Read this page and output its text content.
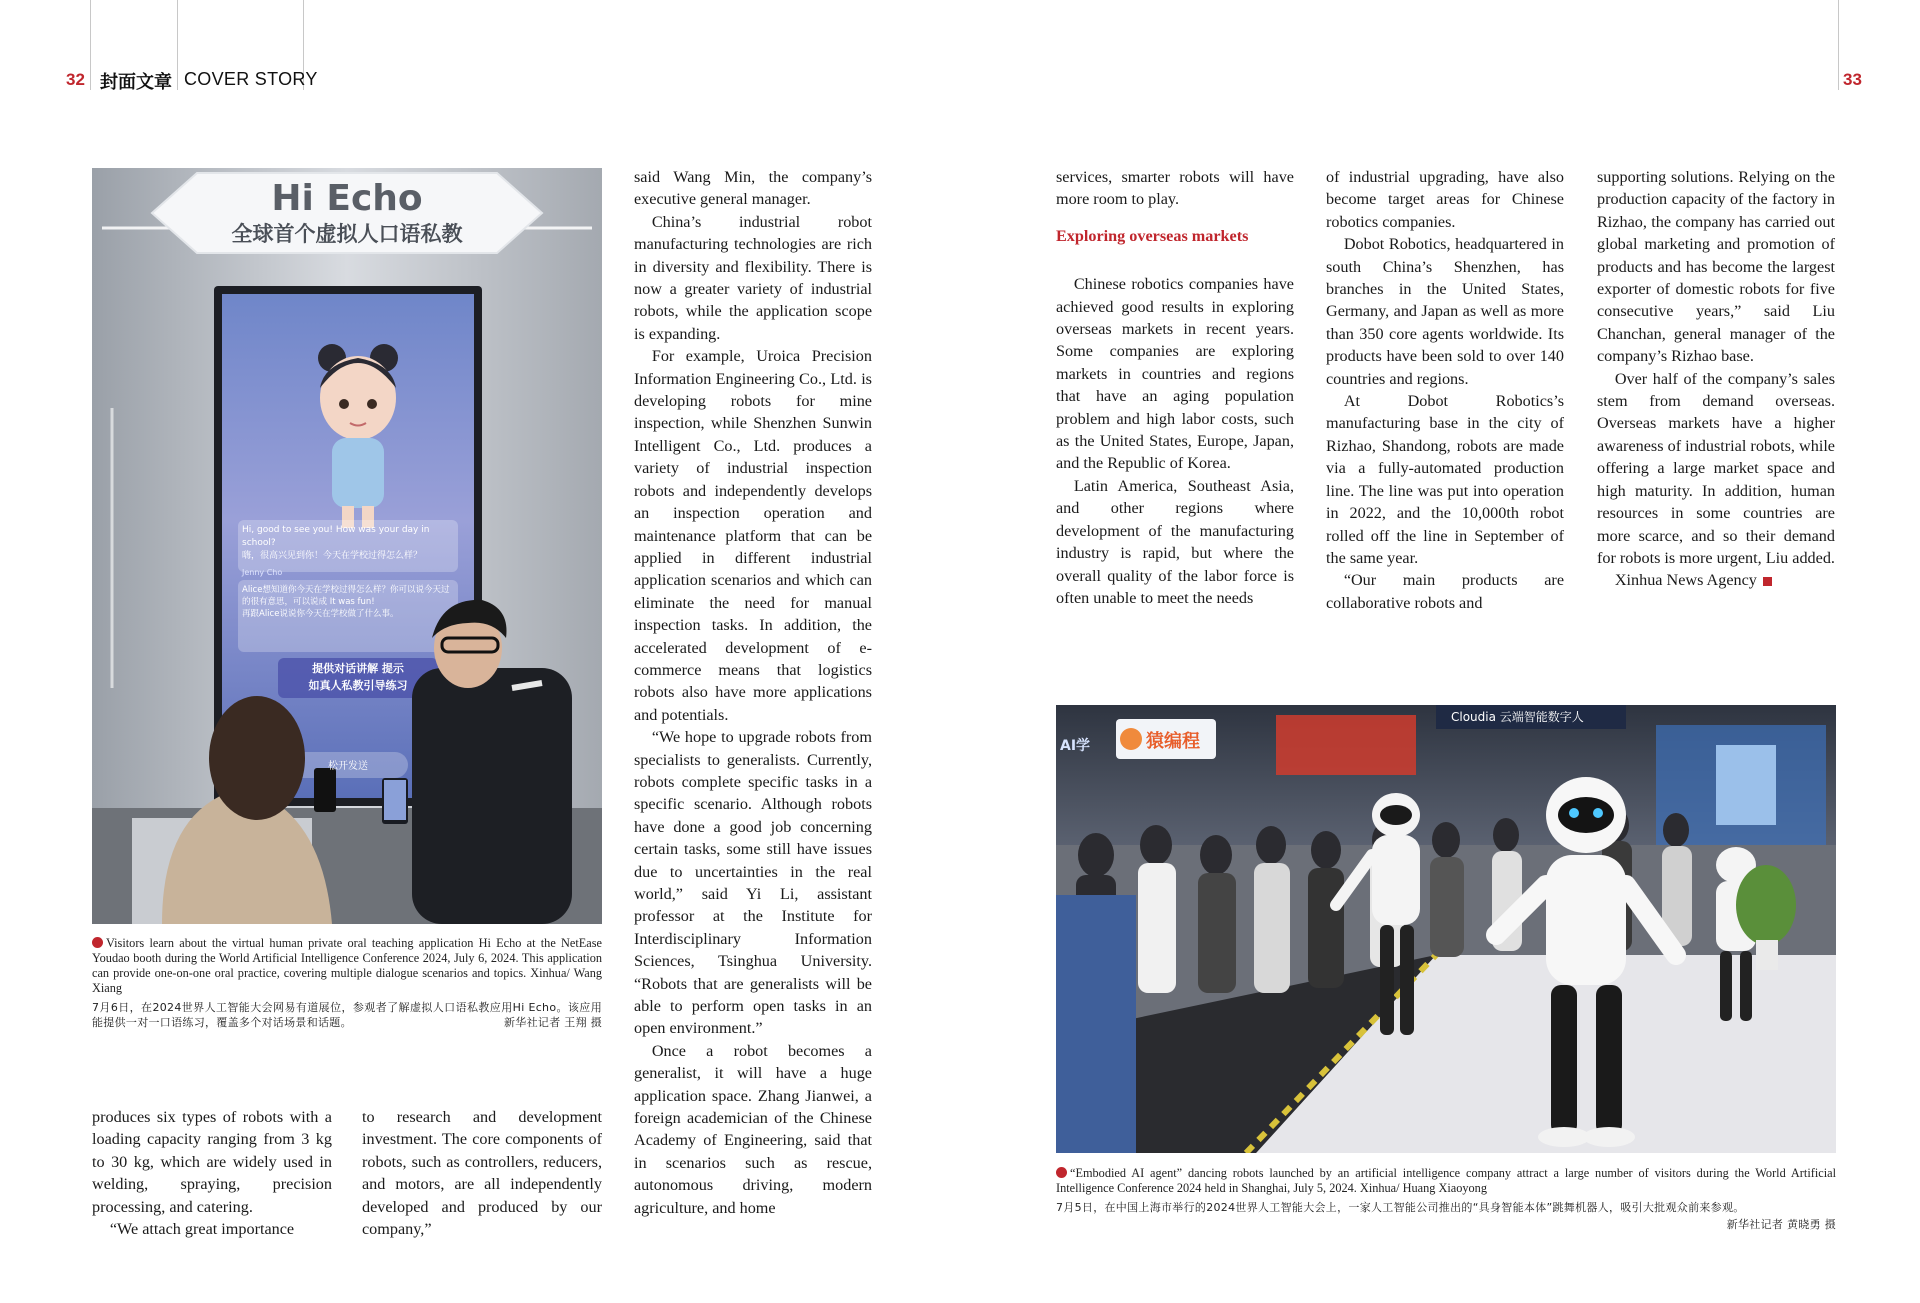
32 封面文章 COVER STORY	33
Hi Echo
全球首个虚拟人口语私教
Hi, good to see you! How was your day in school?
嗨，很高兴见到你！今天在学校过得怎么样？
Jenny Cho
Alice想知道你今天在学校过得怎么样？你可以说今天过的很有意思，可以说成 It was fun!
再跟Alice说说你今天在学校做了什么事。
提供对话讲解 提示
如真人私教引导练习
松开发送
Visitors learn about the virtual human private oral teaching application Hi Echo at the NetEase Youdao booth during the World Artificial Intelligence Conference 2024, July 6, 2024. This application can provide one-on-one oral practice, covering multiple dialogue scenarios and topics. Xinhua/ Wang Xiang
7月6日，在2024世界人工智能大会网易有道展位，参观者了解虚拟人口语私教应用Hi Echo。该应用能提供一对一口语练习，覆盖多个对话场景和话题。	新华社记者 王翔 摄

produces six types of robots with a loading capacity ranging from 3 kg to 30 kg, which are widely used in welding, spraying, precision processing, and catering.

“We attach great importance

to research and development investment. The core components of robots, such as controllers, reducers, and motors, are all independently developed and produced by our company,”

said Wang Min, the company’s executive general manager.

China’s industrial robot manufacturing technologies are rich in diversity and flexibility. There is now a greater variety of industrial robots, while the application scope is expanding.

For example, Uroica Precision Information Engineering Co., Ltd. is developing robots for mine inspection, while Shenzhen Sunwin Intelligent Co., Ltd. produces a variety of industrial inspection robots and independently develops an inspection operation and maintenance platform that can be applied in different industrial application scenarios and which can eliminate the need for manual inspection tasks. In addition, the accelerated development of e-commerce means that logistics robots also have more applications and potentials.

“We hope to upgrade robots from specialists to generalists. Currently, robots complete specific tasks in a specific scenario. Although robots have done a good job concerning certain tasks, some still have issues due to uncertainties in the real world,” said Yi Li, assistant professor at the Institute for Interdisciplinary Information Sciences, Tsinghua University. “Robots that are generalists will be able to perform open tasks in an open environment.”

Once a robot becomes a generalist, it will have a huge application space. Zhang Jianwei, a foreign academician of the Chinese Academy of Engineering, said that in scenarios such as rescue, autonomous driving, modern agriculture, and home

services, smarter robots will have more room to play.

Exploring overseas markets

Chinese robotics companies have achieved good results in exploring overseas markets in recent years. Some companies are exploring markets in countries and regions that have an aging population problem and high labor costs, such as the United States, Europe, Japan, and the Republic of Korea.

Latin America, Southeast Asia, and other regions where development of the manufacturing industry is rapid, but where the overall quality of the labor force is often unable to meet the needs

of industrial upgrading, have also become target areas for Chinese robotics companies.

Dobot Robotics, headquartered in south China’s Shenzhen, has branches in the United States, Germany, and Japan as well as more than 350 core agents worldwide. Its products have been sold to over 140 countries and regions.

At Dobot Robotics’s manufacturing base in the city of Rizhao, Shandong, robots are made via a fully-automated production line. The line was put into operation in 2022, and the 10,000th robot rolled off the line in September of the same year.

“Our main products are collaborative robots and

supporting solutions. Relying on the production capacity of the factory in Rizhao, the company has carried out global marketing and promotion of products and has become the largest exporter of domestic robots for five consecutive years,” said Liu Chanchan, general manager of the company’s Rizhao base.

Over half of the company’s sales stem from demand overseas. Overseas markets have a higher awareness of industrial robots, while offering a large market space and high maturity. In addition, human resources in some countries are more scarce, and so their demand for robots is more urgent, Liu added.

Xinhua News Agency

Cloudia 云端智能数字人
猿编程
AI学
“Embodied AI agent” dancing robots launched by an artificial intelligence company attract a large number of visitors during the World Artificial Intelligence Conference 2024 held in Shanghai, July 5, 2024. Xinhua/ Huang Xiaoyong
7月5日，在中国上海市举行的2024世界人工智能大会上，一家人工智能公司推出的“具身智能本体”跳舞机器人，吸引大批观众前来参观。
新华社记者 黄晓勇 摄
